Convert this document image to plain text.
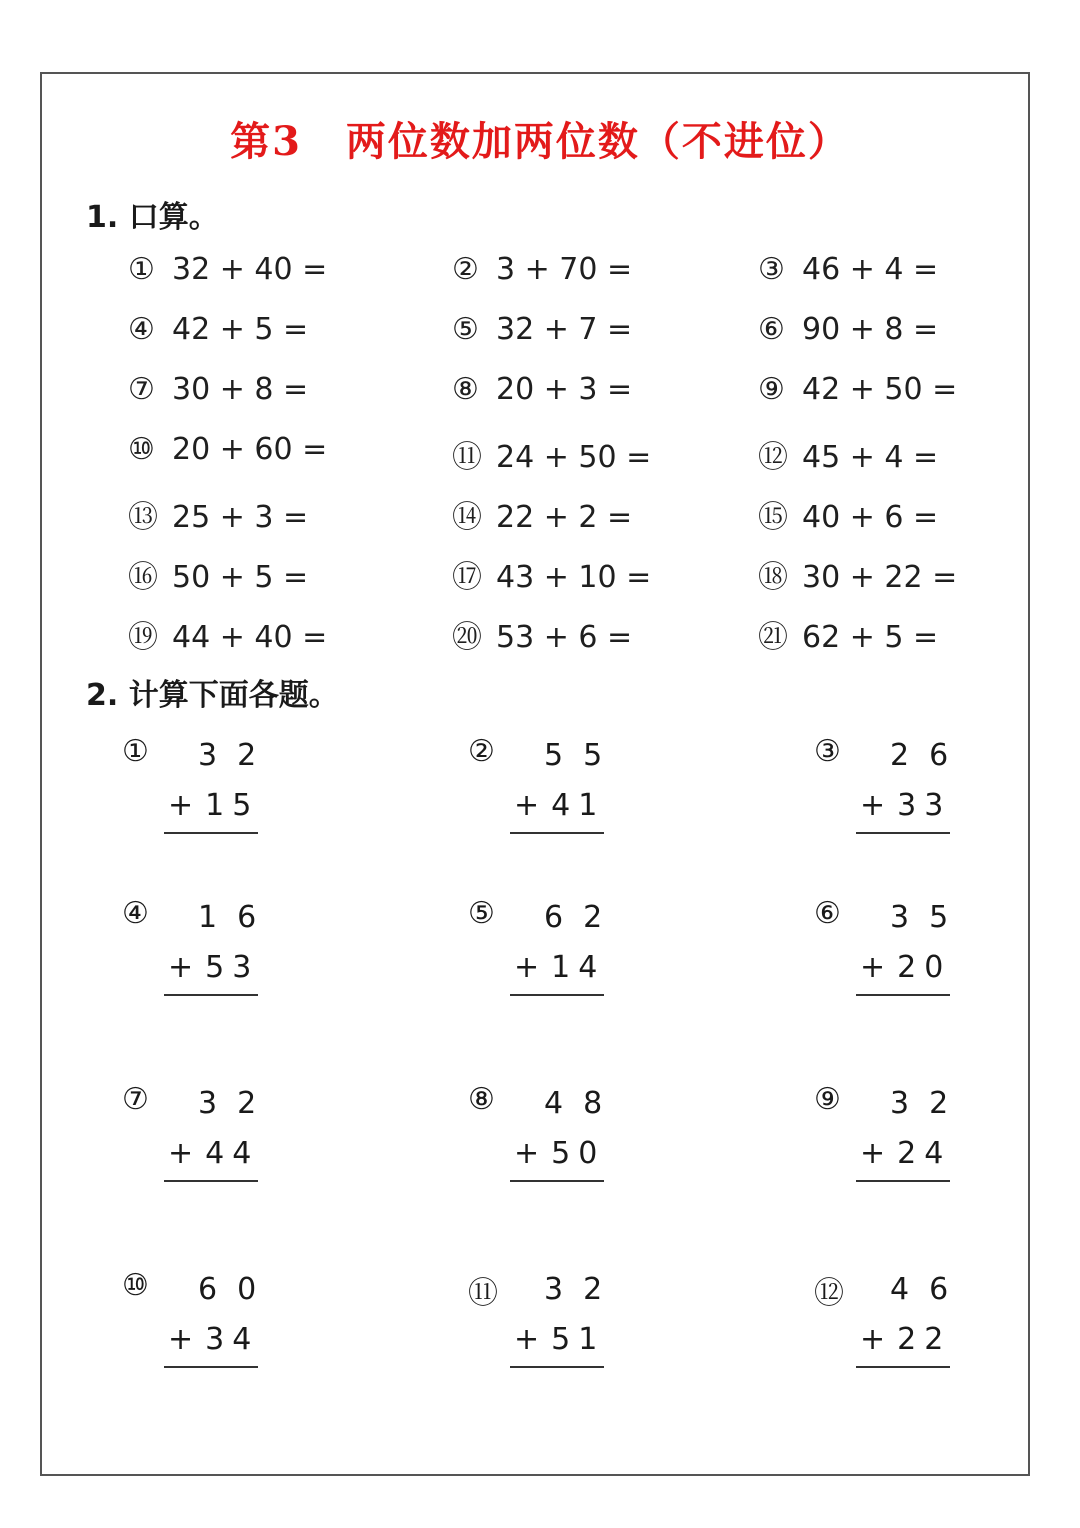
第3 两位数加两位数（不进位）
1. 口算。
2. 计算下面各题。
① 32 + 40 =	② 3 + 70 =	③ 46 + 4 =
④ 42 + 5 =	⑤ 32 + 7 =	⑥ 90 + 8 =
⑦ 30 + 8 =	⑧ 20 + 3 =	⑨ 42 + 50 =
⑩ 20 + 60 =	⑪ 24 + 50 =	⑫ 45 + 4 =
⑬ 25 + 3 =	⑭ 22 + 2 =	⑮ 40 + 6 =
⑯ 50 + 5 =	⑰ 43 + 10 =	⑱ 30 + 22 =
⑲ 44 + 40 =	⑳ 53 + 6 =	㉑ 62 + 5 =
① 32
+ 15
② 55
+ 41
③ 26
+ 33
④ 16
+ 53
⑤ 62
+ 14
⑥ 35
+ 20
⑦ 32
+ 44
⑧ 48
+ 50
⑨ 32
+ 24
⑩ 60
+ 34
⑪ 32
+ 51
⑫ 46
+ 22
